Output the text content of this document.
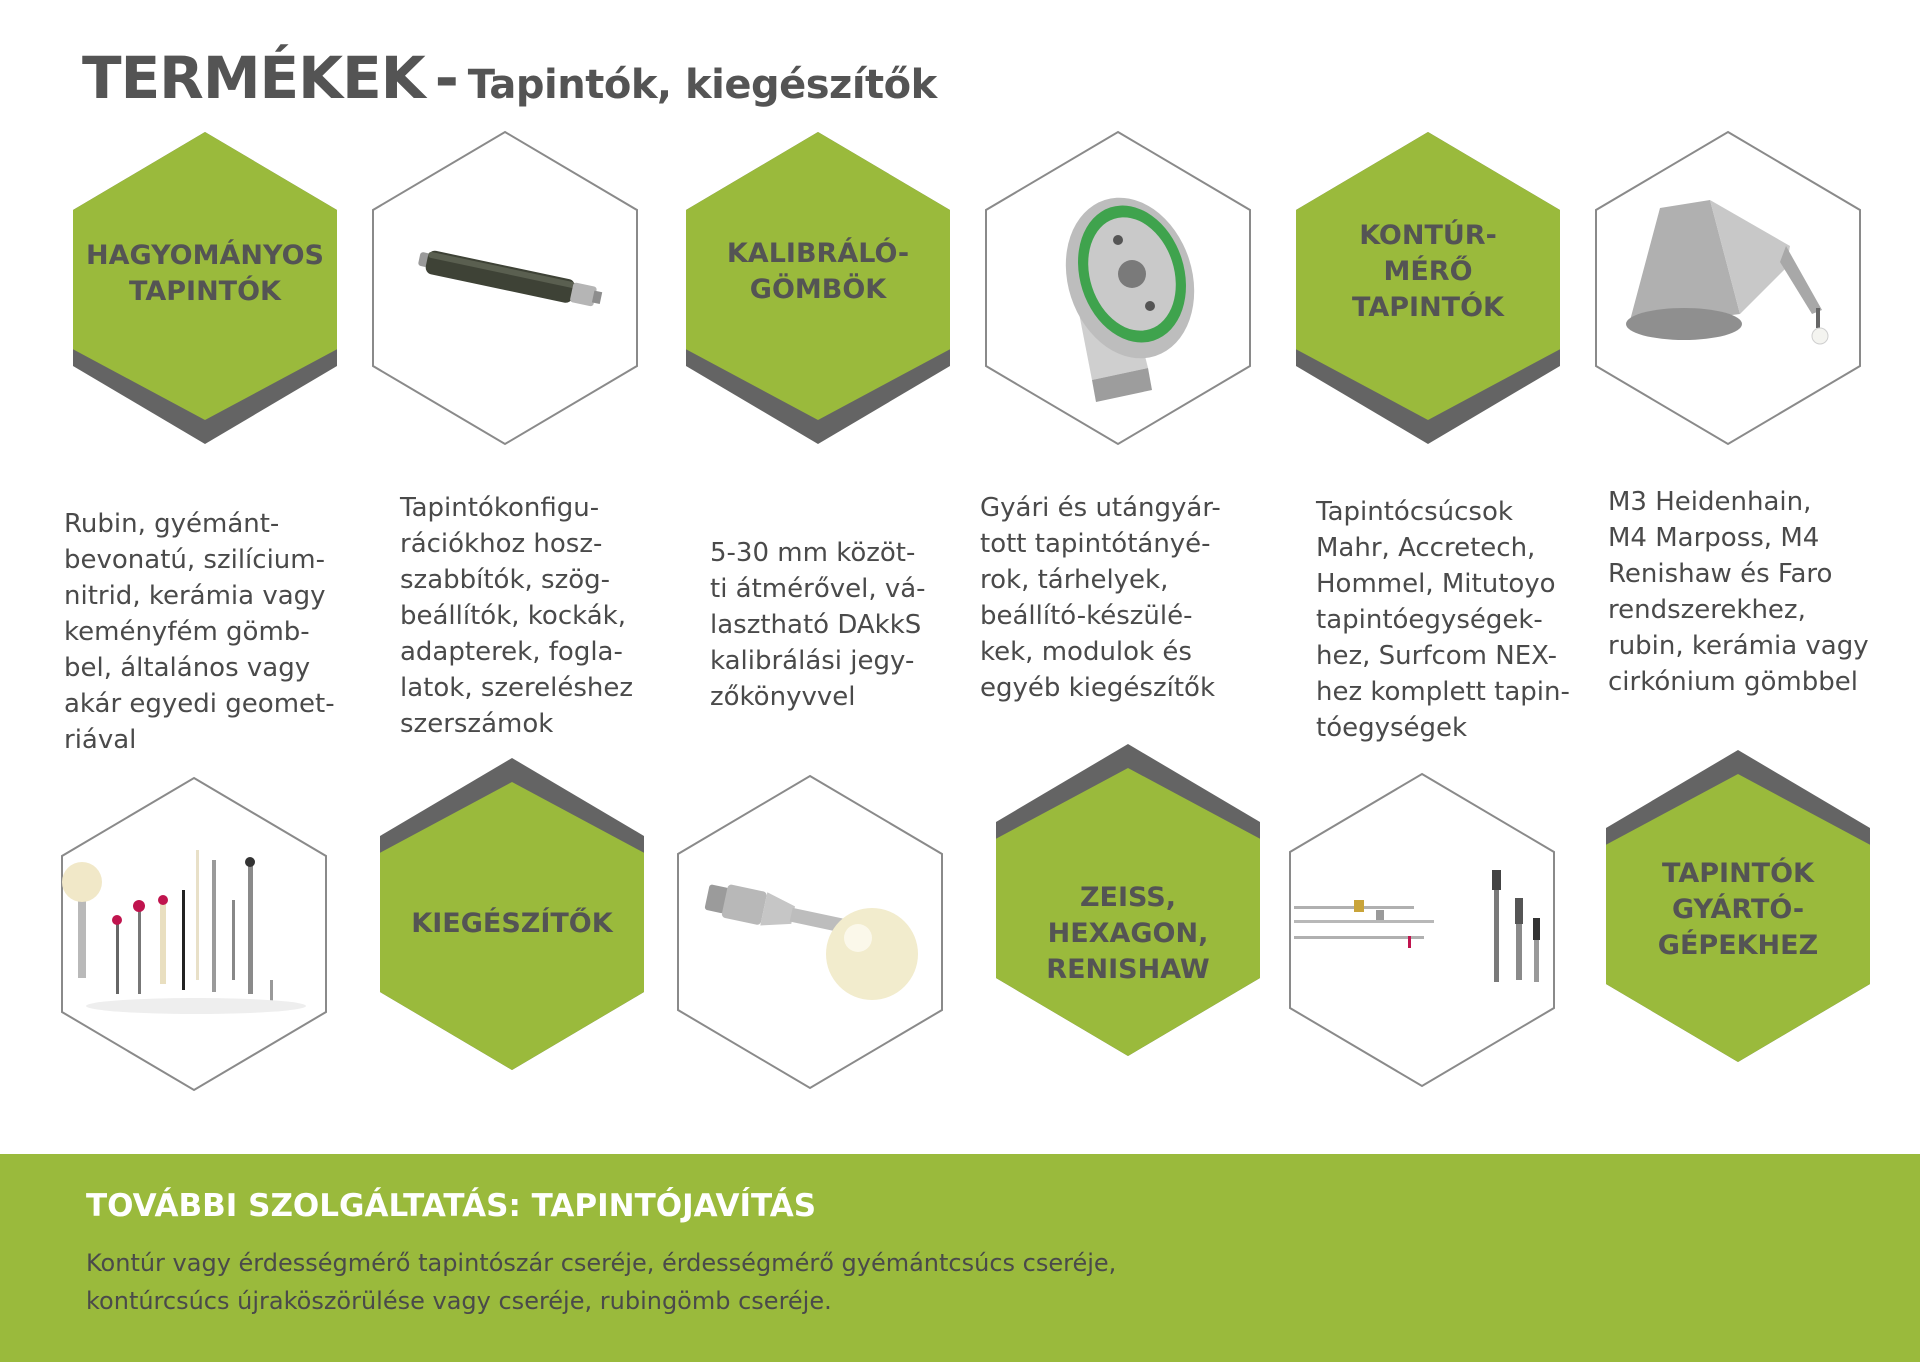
TERMÉKEK - Tapintók, kiegészítők

HAGYOMÁNYOS
TAPINTÓK

KALIBRÁLÓ-
GÖMBÖK

KONTÚR-
MÉRŐ
TAPINTÓK

Rubin, gyémánt-
bevonatú, szilícium-
nitrid, kerámia vagy
keményfém gömb-
bel, általános vagy
akár egyedi geomet-
riával

Tapintókonfigu-
rációkhoz hosz-
szabbítók, szög-
beállítók, kockák,
adapterek, fogla-
latok, szereléshez
szerszámok

5-30 mm közöt-
ti átmérővel, vá-
lasztható DAkkS
kalibrálási jegy-
zőkönyvvel

Gyári és utángyár-
tott tapintótányé-
rok, tárhelyek,
beállító-készülé-
kek, modulok és
egyéb kiegészítők

Tapintócsúcsok
Mahr, Accretech,
Hommel, Mitutoyo
tapintóegységek-
hez, Surfcom NEX-
hez komplett tapin-
tóegységek

M3 Heidenhain,
M4 Marposs, M4
Renishaw és Faro
rendszerekhez,
rubin, kerámia vagy
cirkónium gömbbel

KIEGÉSZÍTŐK

ZEISS,
HEXAGON,
RENISHAW

TAPINTÓK
GYÁRTÓ-
GÉPEKHEZ

TOVÁBBI SZOLGÁLTATÁS: TAPINTÓJAVÍTÁS

Kontúr vagy érdességmérő tapintószár cseréje, érdességmérő gyémántcsúcs cseréje,
kontúrcsúcs újraköszörülése vagy cseréje, rubingömb cseréje.
